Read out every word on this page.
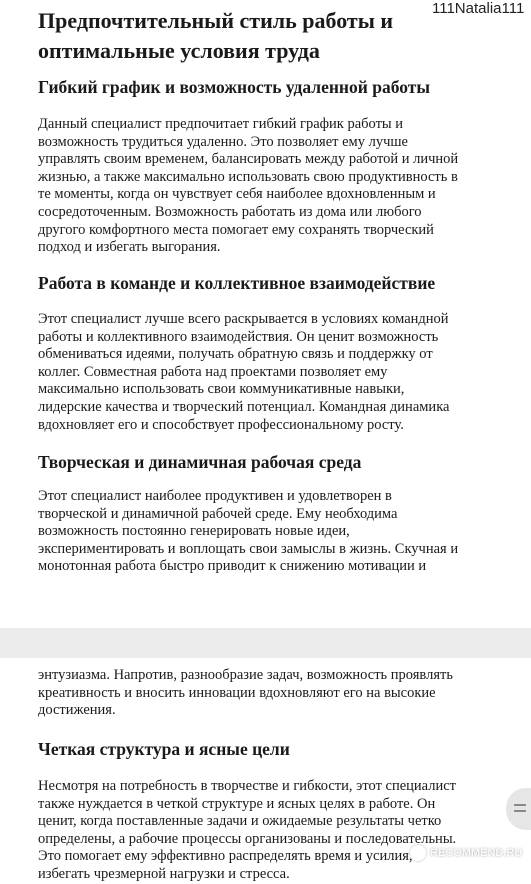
Предпочтительный стиль работы и оптимальные условия труда
111Natalia111
Гибкий график и возможность удаленной работы

Данный специалист предпочитает гибкий график работы и
возможность трудиться удаленно. Это позволяет ему лучше
управлять своим временем, балансировать между работой и личной
жизнью, а также максимально использовать свою продуктивность в
те моменты, когда он чувствует себя наиболее вдохновленным и
сосредоточенным. Возможность работать из дома или любого
другого комфортного места помогает ему сохранять творческий
подход и избегать выгорания.

Работа в команде и коллективное взаимодействие

Этот специалист лучше всего раскрывается в условиях командной
работы и коллективного взаимодействия. Он ценит возможность
обмениваться идеями, получать обратную связь и поддержку от
коллег. Совместная работа над проектами позволяет ему
максимально использовать свои коммуникативные навыки,
лидерские качества и творческий потенциал. Командная динамика
вдохновляет его и способствует профессиональному росту.

Творческая и динамичная рабочая среда

Этот специалист наиболее продуктивен и удовлетворен в
творческой и динамичной рабочей среде. Ему необходима
возможность постоянно генерировать новые идеи,
экспериментировать и воплощать свои замыслы в жизнь. Скучная и
монотонная работа быстро приводит к снижению мотивации и

энтузиазма. Напротив, разнообразие задач, возможность проявлять
креативность и вносить инновации вдохновляют его на высокие
достижения.

Четкая структура и ясные цели

Несмотря на потребность в творчестве и гибкости, этот специалист
также нуждается в четкой структуре и ясных целях в работе. Он
ценит, когда поставленные задачи и ожидаемые результаты четко
определены, а рабочие процессы организованы и последовательны.
Это помогает ему эффективно распределять время и усилия,
избегать чрезмерной нагрузки и стресса.

RECOMMEND.RU
